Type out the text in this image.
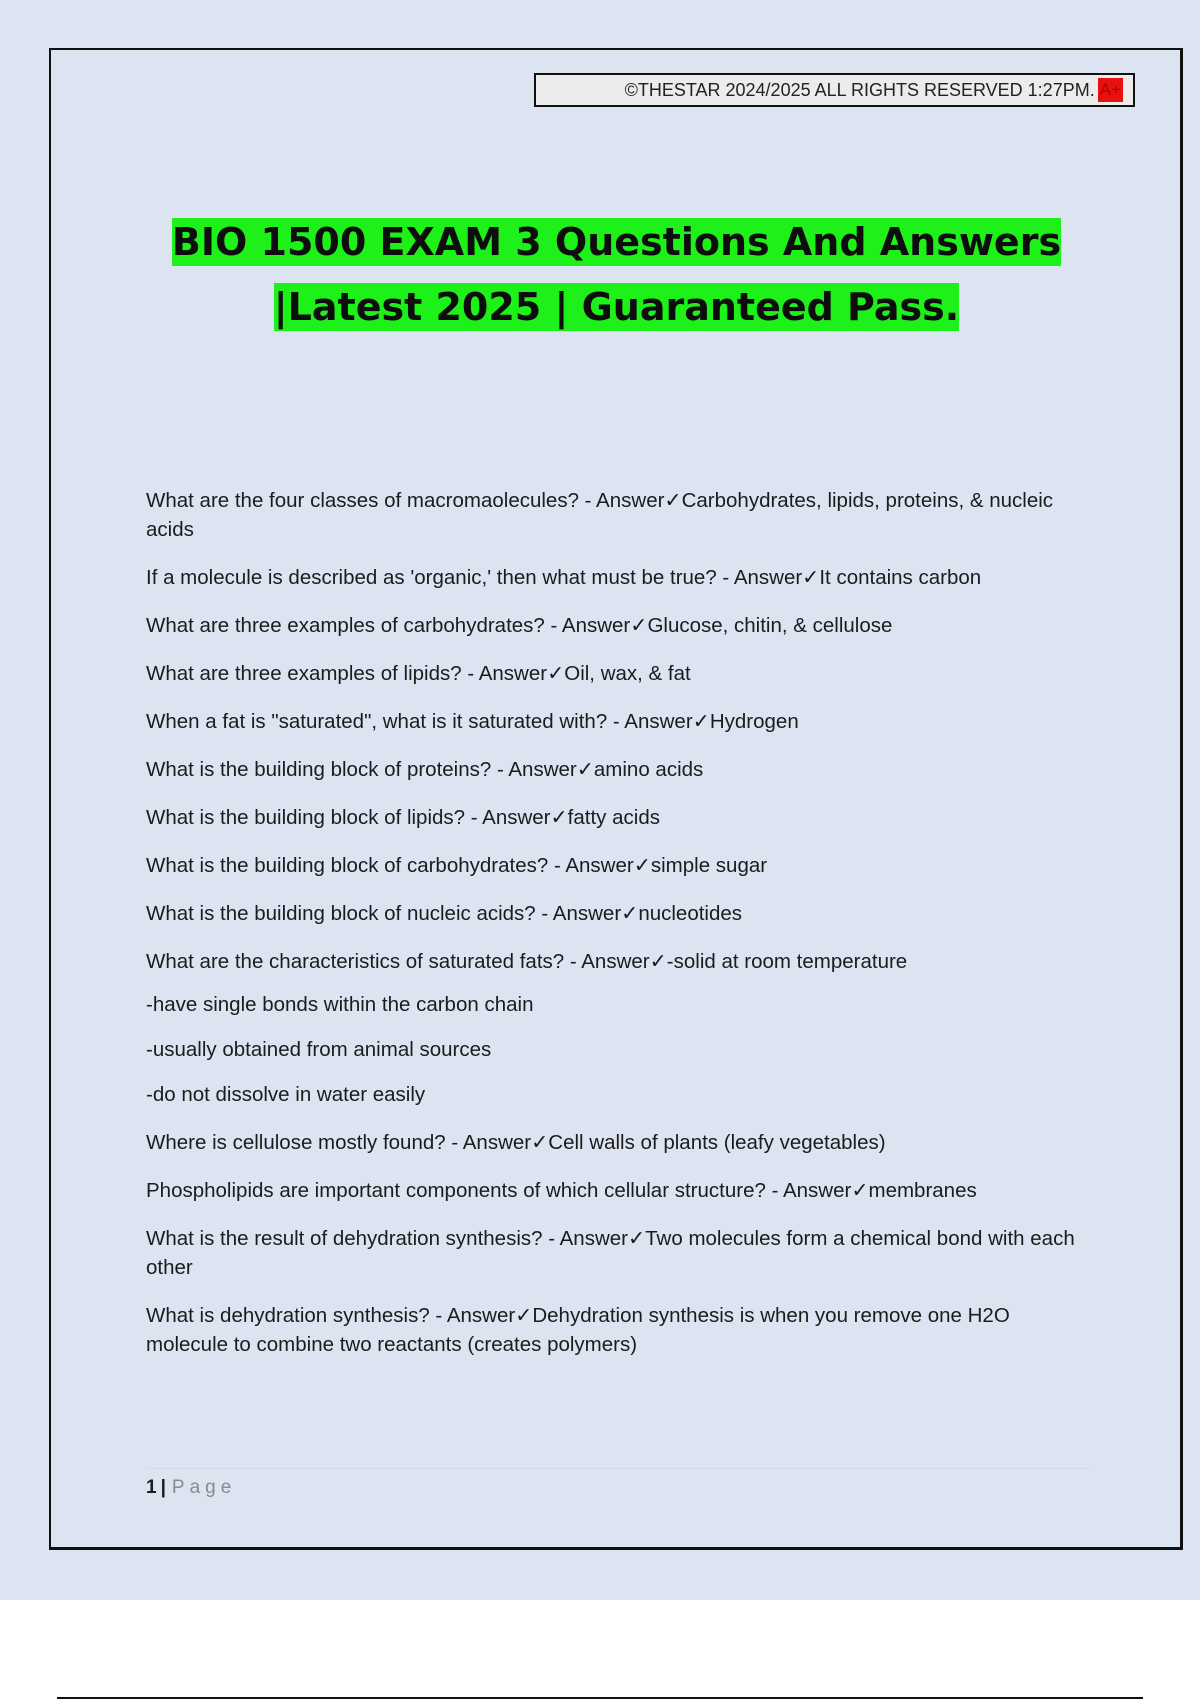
©THESTAR 2024/2025 ALL RIGHTS RESERVED 1:27PM. A+
BIO 1500 EXAM 3 Questions And Answers
|Latest 2025 | Guaranteed Pass.

What are the four classes of macromaolecules? - Answer✓Carbohydrates, lipids, proteins, & nucleic acids

If a molecule is described as 'organic,' then what must be true? - Answer✓It contains carbon

What are three examples of carbohydrates? - Answer✓Glucose, chitin, & cellulose

What are three examples of lipids? - Answer✓Oil, wax, & fat

When a fat is "saturated", what is it saturated with? - Answer✓Hydrogen

What is the building block of proteins? - Answer✓amino acids

What is the building block of lipids? - Answer✓fatty acids

What is the building block of carbohydrates? - Answer✓simple sugar

What is the building block of nucleic acids? - Answer✓nucleotides

What are the characteristics of saturated fats? - Answer✓-solid at room temperature

-have single bonds within the carbon chain

-usually obtained from animal sources

-do not dissolve in water easily

Where is cellulose mostly found? - Answer✓Cell walls of plants (leafy vegetables)

Phospholipids are important components of which cellular structure? - Answer✓membranes

What is the result of dehydration synthesis? - Answer✓Two molecules form a chemical bond with each other

What is dehydration synthesis? - Answer✓Dehydration synthesis is when you remove one H2O molecule to combine two reactants (creates polymers)

1 | Page
